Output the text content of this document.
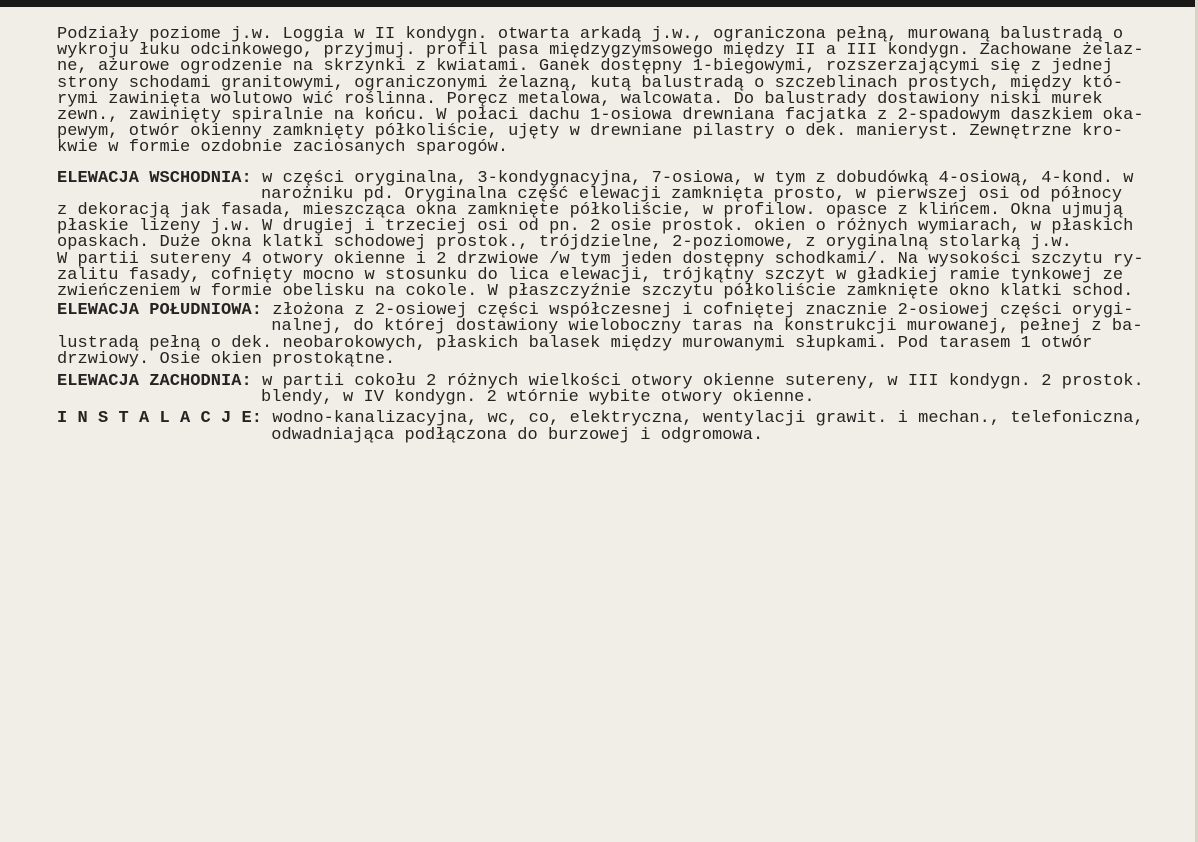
Podziały poziome j.w. Loggia w II kondygn. otwarta arkadą j.w., ograniczona pełną, murowaną balustradą o
wykroju łuku odcinkowego, przyjmuj. profil pasa międzygzymsowego między II a III kondygn. Zachowane żelaz-
ne, ażurowe ogrodzenie na skrzynki z kwiatami. Ganek dostępny 1-biegowymi, rozszerzającymi się z jednej
strony schodami granitowymi, ograniczonymi żelazną, kutą balustradą o szczeblinach prostych, między któ-
rymi zawinięta wolutowo wić roślinna. Poręcz metalowa, walcowata. Do balustrady dostawiony niski murek
zewn., zawinięty spiralnie na końcu. W połaci dachu 1-osiowa drewniana facjatka z 2-spadowym daszkiem oka-
pewym, otwór okienny zamknięty półkoliście, ujęty w drewniane pilastry o dek. manieryst. Zewnętrzne kro-
kwie w formie ozdobnie zaciosanych sparogów.
ELEWACJA WSCHODNIA: w części oryginalna, 3-kondygnacyjna, 7-osiowa, w tym z dobudówką 4-osiową, 4-kond. w
narożniku pd. Oryginalna część elewacji zamknięta prosto, w pierwszej osi od północy
z dekoracją jak fasada, mieszcząca okna zamknięte półkoliście, w profilow. opasce z klińcem. Okna ujmują
płaskie lizeny j.w. W drugiej i trzeciej osi od pn. 2 osie prostok. okien o różnych wymiarach, w płaskich
opaskach. Duże okna klatki schodowej prostok., trójdzielne, 2-poziomowe, z oryginalną stolarką j.w.
W partii sutereny 4 otwory okienne i 2 drzwiowe /w tym jeden dostępny schodkami/. Na wysokości szczytu ry-
zalitu fasady, cofnięty mocno w stosunku do lica elewacji, trójkątny szczyt w gładkiej ramie tynkowej ze
zwieńczeniem w formie obelisku na cokole. W płaszczyźnie szczytu półkoliście zamknięte okno klatki schod.
ELEWACJA POŁUDNIOWA: złożona z 2-osiowej części współczesnej i cofniętej znacznie 2-osiowej części orygi-
nalnej, do której dostawiony wieloboczny taras na konstrukcji murowanej, pełnej z ba-
lustradą pełną o dek. neobarokowych, płaskich balasek między murowanymi słupkami. Pod tarasem 1 otwór
drzwiowy. Osie okien prostokątne.
ELEWACJA ZACHODNIA: w partii cokołu 2 różnych wielkości otwory okienne sutereny, w III kondygn. 2 prostok.
blendy, w IV kondygn. 2 wtórnie wybite otwory okienne.
I N S T A L A C J E: wodno-kanalizacyjna, wc, co, elektryczna, wentylacji grawit. i mechan., telefoniczna,
odwadniająca podłączona do burzowej i odgromowa.
